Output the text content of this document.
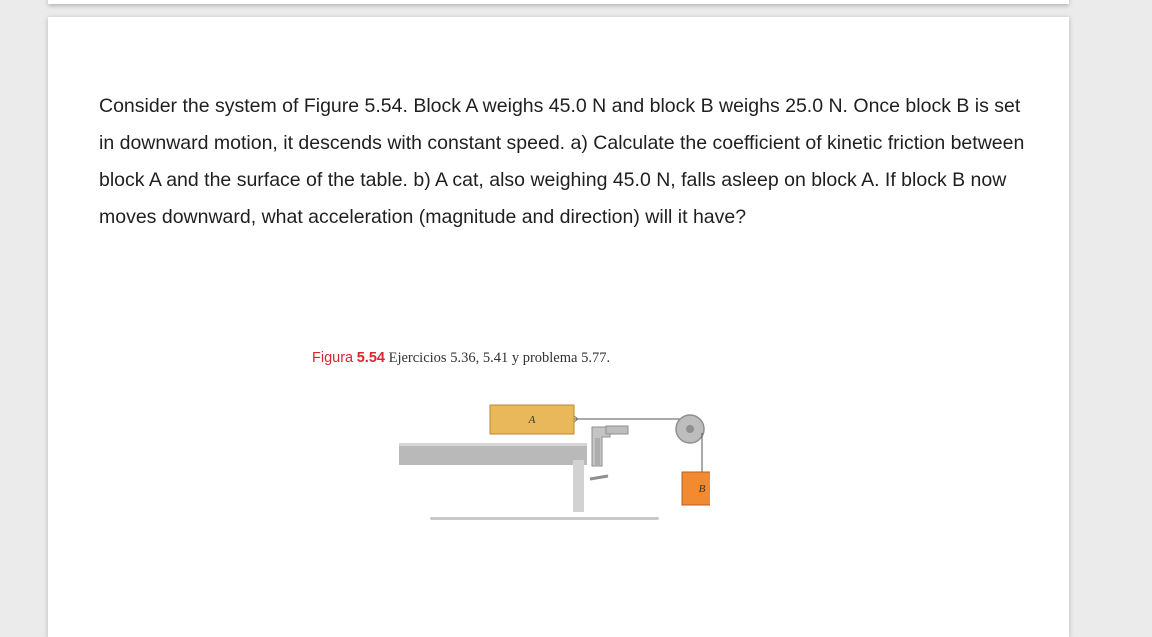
Consider the system of Figure 5.54. Block A weighs 45.0 N and block B weighs 25.0 N. Once block B is set in downward motion, it descends with constant speed. a) Calculate the coefficient of kinetic friction between block A and the surface of the table. b) A cat, also weighing 45.0 N, falls asleep on block A. If block B now moves downward, what acceleration (magnitude and direction) will it have?

Figura 5.54 Ejercicios 5.36, 5.41 y problema 5.77.
A
B
